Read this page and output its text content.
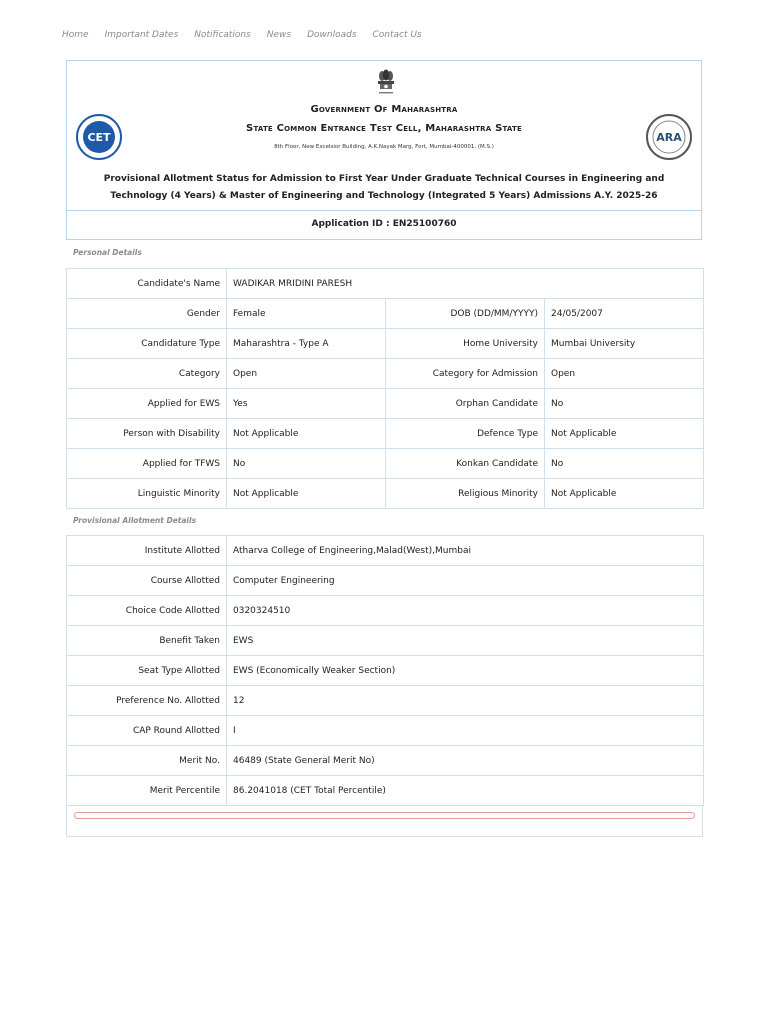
Home Important Dates Notifications News Downloads Contact Us
Government Of Maharashtra
State Common Entrance Test Cell, Maharashtra State
8th Floor, New Excelsior Building, A.K.Nayak Marg, Fort, Mumbai-400001. (M.S.)
CET	ARA
Provisional Allotment Status for Admission to First Year Under Graduate Technical Courses in Engineering and
Technology (4 Years) & Master of Engineering and Technology (Integrated 5 Years) Admissions A.Y. 2025-26
Application ID : EN25100760
Personal Details
Candidate's Name	WADIKAR MRIDINI PARESH		
Gender	Female	DOB (DD/MM/YYYY)	24/05/2007
Candidature Type	Maharashtra - Type A	Home University	Mumbai University
Category	Open	Category for Admission	Open
Applied for EWS	Yes	Orphan Candidate	No
Person with Disability	Not Applicable	Defence Type	Not Applicable
Applied for TFWS	No	Konkan Candidate	No
Linguistic Minority	Not Applicable	Religious Minority	Not Applicable
Provisional Allotment Details
Institute Allotted	Atharva College of Engineering,Malad(West),Mumbai
Course Allotted	Computer Engineering
Choice Code Allotted	0320324510
Benefit Taken	EWS
Seat Type Allotted	EWS (Economically Weaker Section)
Preference No. Allotted	12
CAP Round Allotted	I
Merit No.	46489 (State General Merit No)
Merit Percentile	86.2041018 (CET Total Percentile)
